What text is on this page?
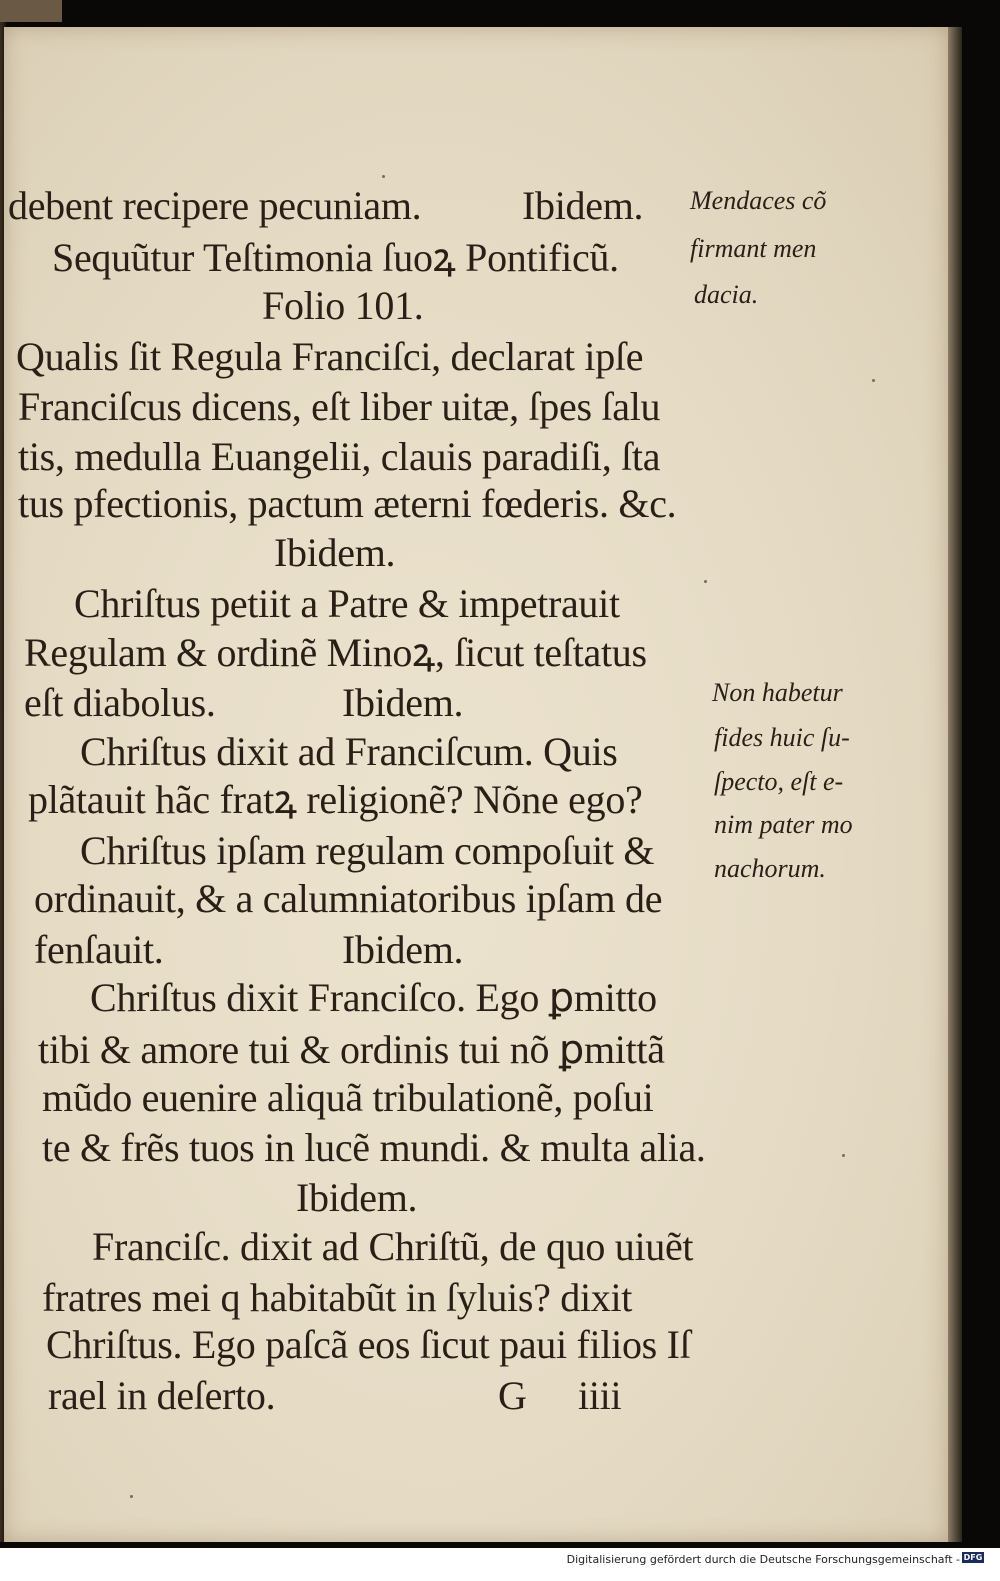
debent recipere pecuniam.	Ibidem.
Sequũtur Teſtimonia ſuoꝝ Pontificũ.
Folio 101.
Qualis ſit Regula Franciſci, declarat ipſe
Franciſcus dicens, eſt liber uitæ, ſpes ſalu
tis, medulla Euangelii, clauis paradiſi, ſta
tus pfectionis, pactum æterni fœderis. &c.
Ibidem.
Chriſtus petiit a Patre & impetrauit
Regulam & ordinẽ Minoꝝ, ſicut teſtatus
eſt diabolus.	Ibidem.
Chriſtus dixit ad Franciſcum. Quis
plãtauit hãc fratꝝ religionẽ? Nõne ego?
Chriſtus ipſam regulam compoſuit &
ordinauit, & a calumniatoribus ipſam de
fenſauit.	Ibidem.
Chriſtus dixit Franciſco. Ego ꝑmitto
tibi & amore tui & ordinis tui nõ ꝑmittã
mũdo euenire aliquã tribulationẽ, poſui
te & frẽs tuos in lucẽ mundi. & multa alia.
Ibidem.
Franciſc. dixit ad Chriſtũ, de quo uiuẽt
fratres mei q habitabũt in ſyluis? dixit
Chriſtus. Ego paſcã eos ſicut paui filios Iſ
rael in deſerto.	G iiii
Mendaces cõ
firmant men
dacia.
Non habetur
fides huic ſu-
ſpecto, eſt e-
nim pater mo
nachorum.
Digitalisierung gefördert durch die Deutsche Forschungsgemeinschaft - DFG
